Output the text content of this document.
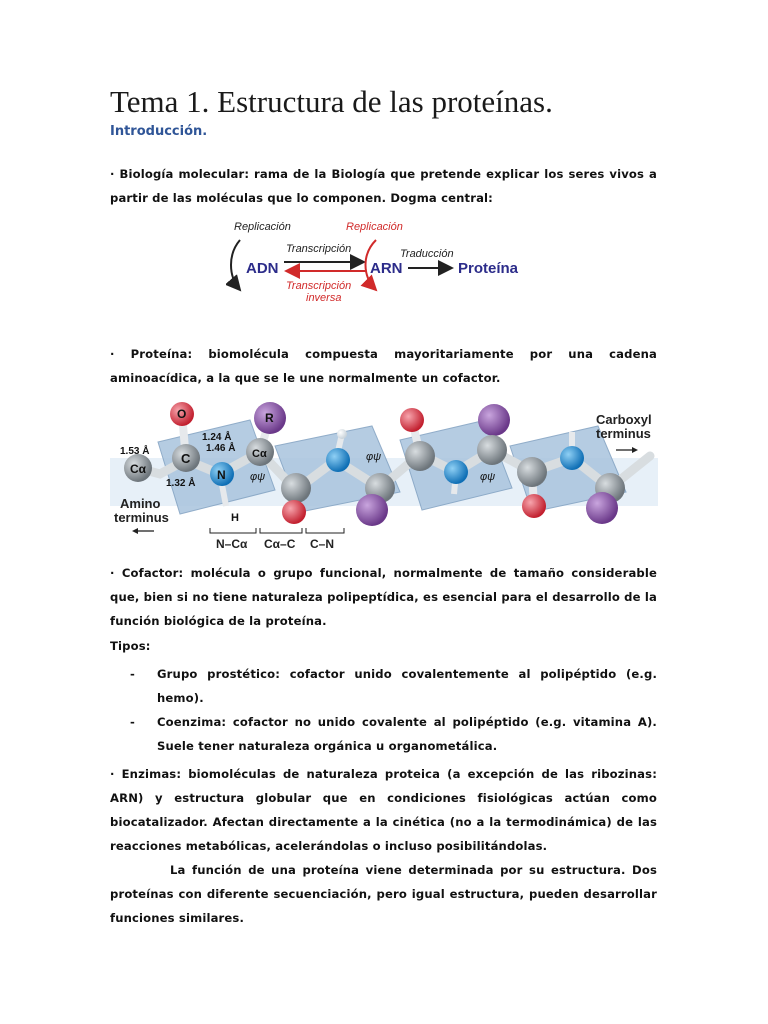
Tema 1. Estructura de las proteínas.
Introducción.
· Biología molecular: rama de la Biología que pretende explicar los seres vivos a partir de las moléculas que lo componen. Dogma central:
Replicación
ADN
Transcripción
Transcripción
inversa
Replicación
ARN
Traducción
Proteína
· Proteína: biomolécula compuesta mayoritariamente por una cadena aminoacídica, a la que se le une normalmente un cofactor.
O	R
Cα
C
N
Cα
H
1.53 Å
1.24 Å
1.46 Å
1.32 Å
φψ
φψ
φψ
Amino
terminus
Carboxyl
terminus
N–Cα Cα–C C–N
· Cofactor: molécula o grupo funcional, normalmente de tamaño considerable que, bien si no tiene naturaleza polipeptídica, es esencial para el desarrollo de la función biológica de la proteína.
Tipos:
- Grupo prostético: cofactor unido covalentemente al polipéptido (e.g. hemo).
- Coenzima: cofactor no unido covalente al polipéptido (e.g. vitamina A). Suele tener naturaleza orgánica u organometálica.
· Enzimas: biomoléculas de naturaleza proteica (a excepción de las ribozinas: ARN) y estructura globular que en condiciones fisiológicas actúan como biocatalizador. Afectan directamente a la cinética (no a la termodinámica) de las reacciones metabólicas, acelerándolas o incluso posibilitándolas.
La función de una proteína viene determinada por su estructura. Dos proteínas con diferente secuenciación, pero igual estructura, pueden desarrollar funciones similares.
